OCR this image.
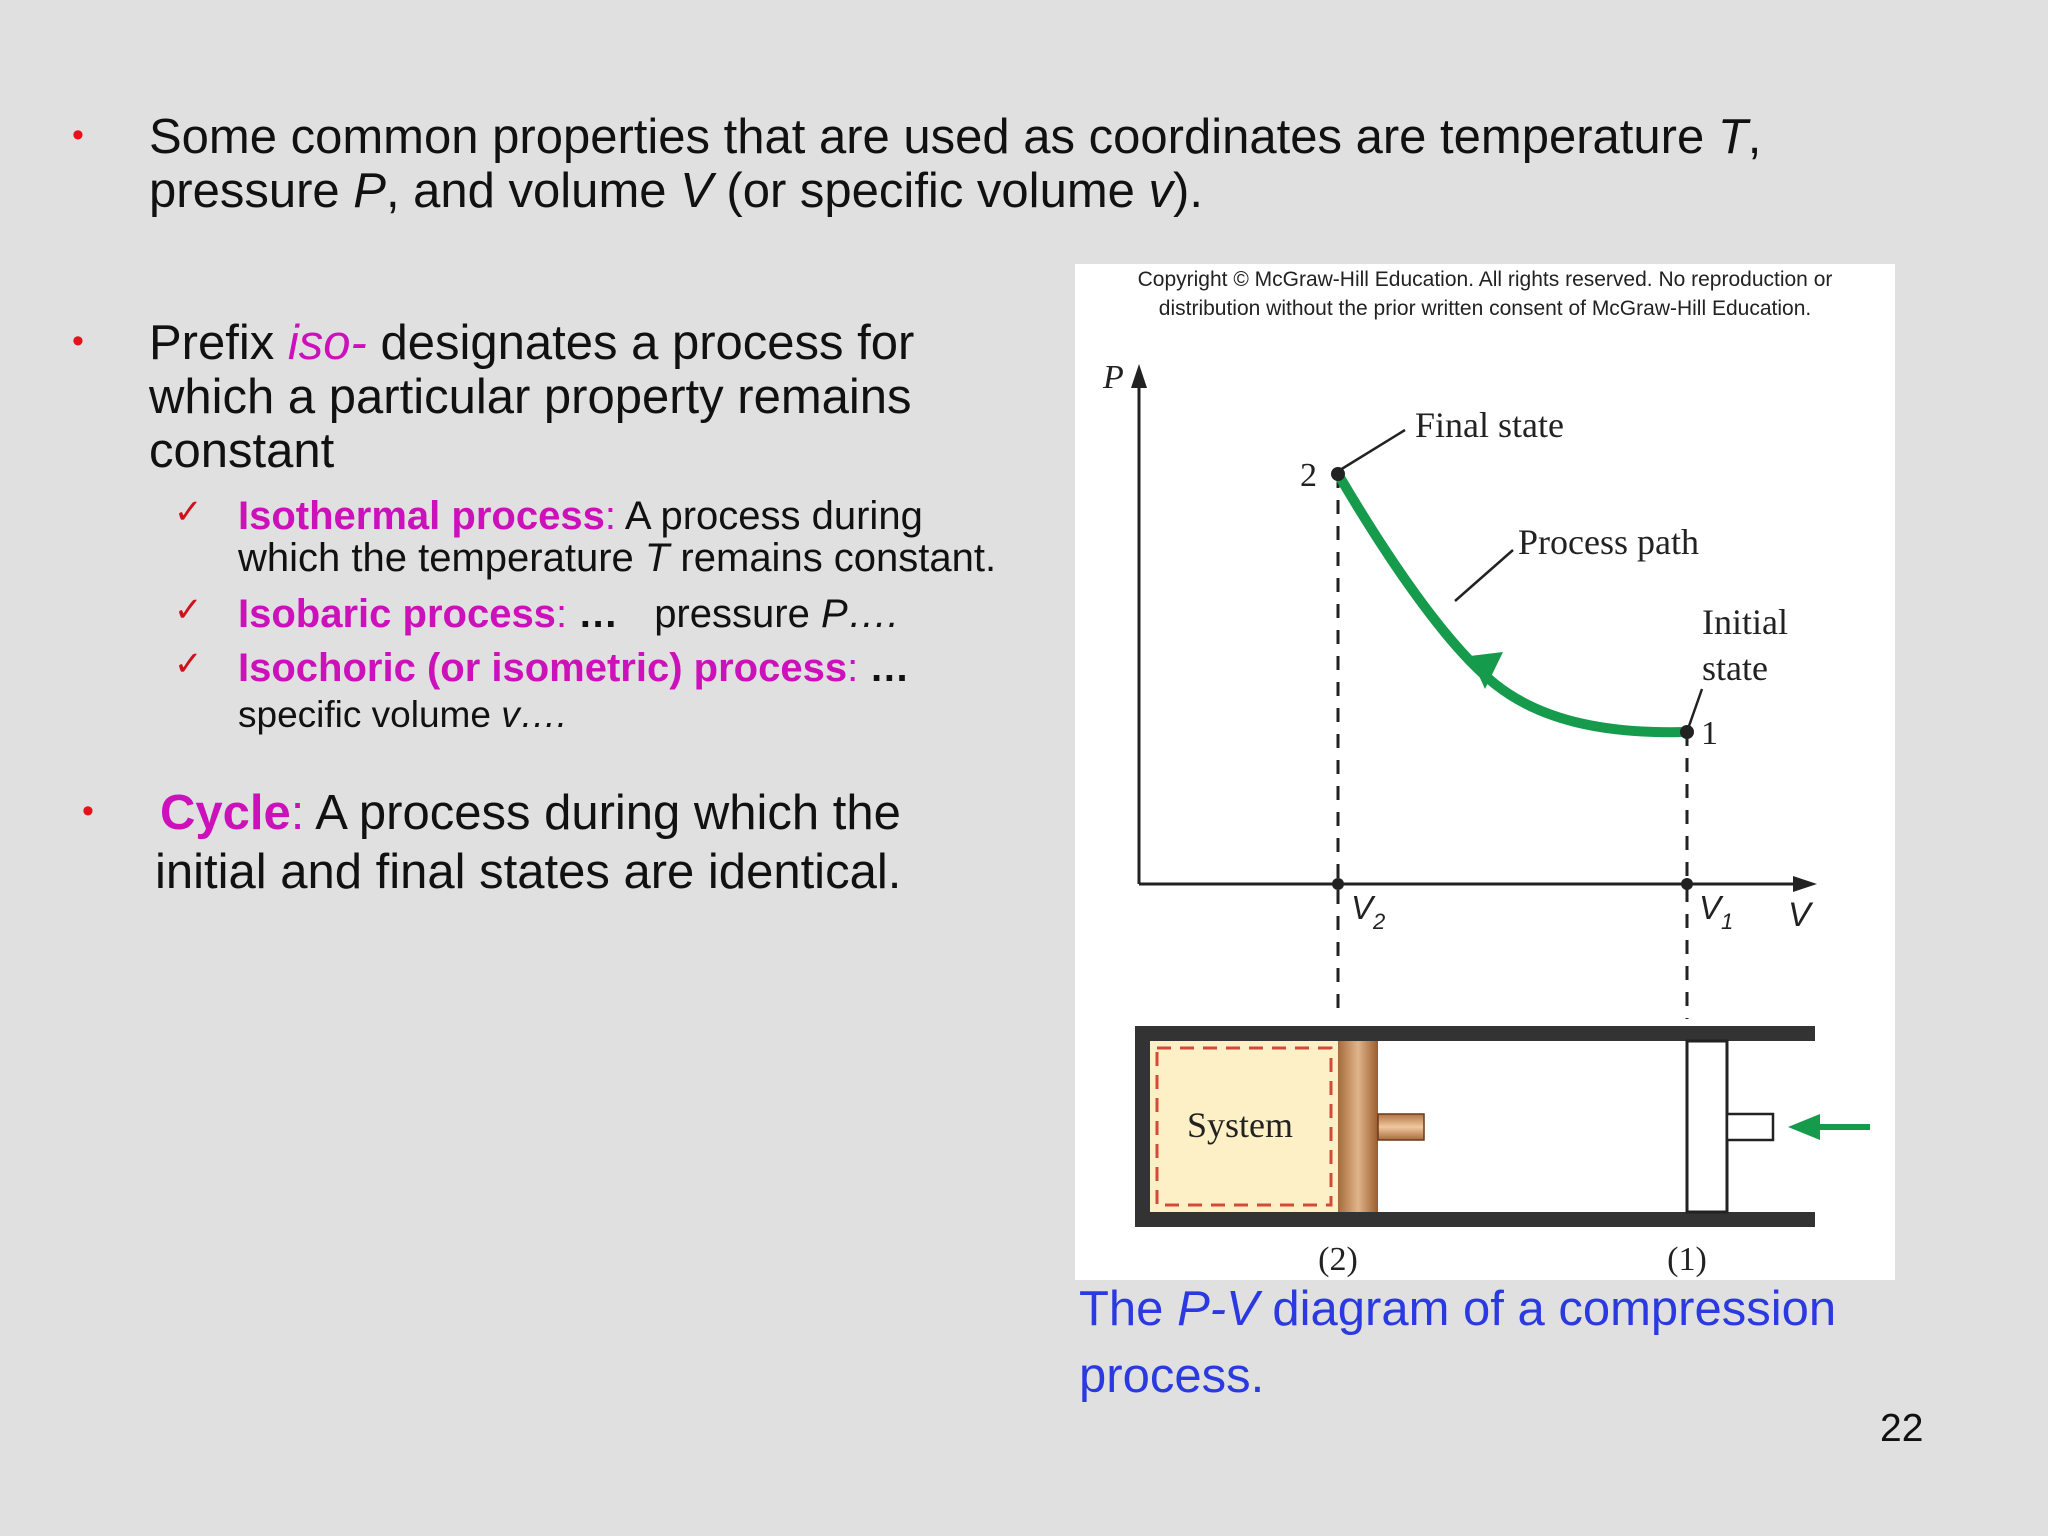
• Some common properties that are used as coordinates are temperature T,
pressure P, and volume V (or specific volume v).
• Prefix iso- designates a process for
which a particular property remains
constant
✓ Isothermal process: A process during
which the temperature T remains constant.
✓ Isobaric process: … pressure P….
✓ Isochoric (or isometric) process: …
specific volume v….
• Cycle: A process during which the
initial and final states are identical.
Copyright © McGraw-Hill Education. All rights reserved. No reproduction or
distribution without the prior written consent of McGraw-Hill Education.
P
V
$V_2$	$V_1$
2
1
Final state
Process path
Initial
state
System
(2)	(1)
The P-V diagram of a compression
process.
22
